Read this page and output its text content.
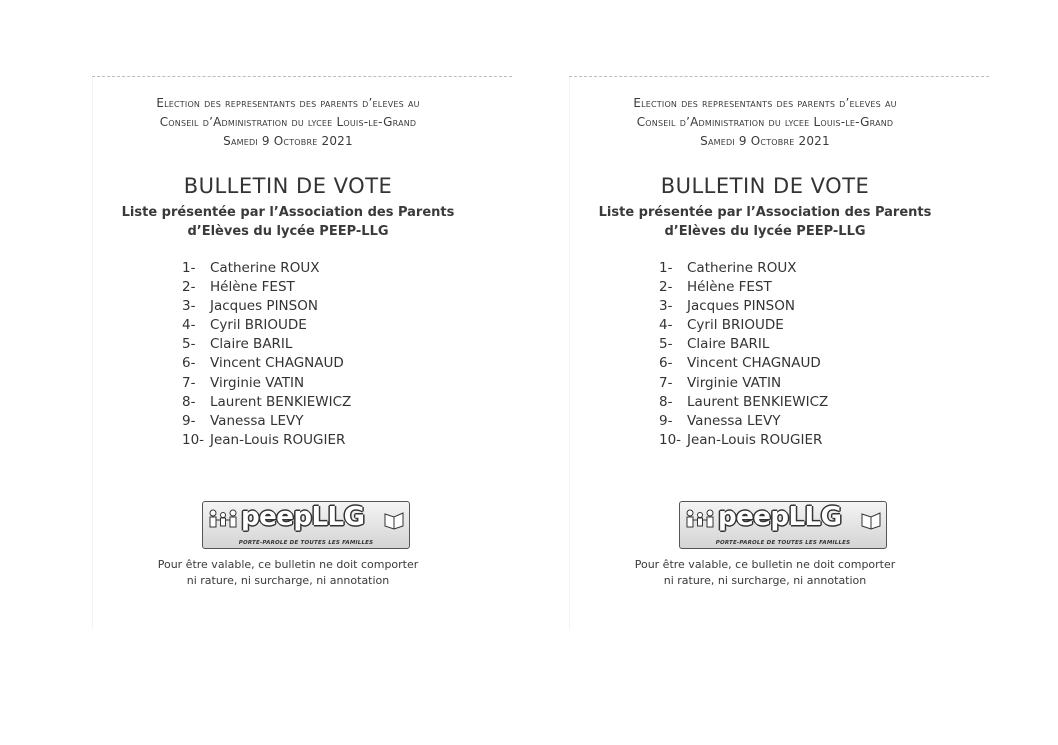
Election des representants des parents d’eleves au
Conseil d’Administration du lycee Louis-le-Grand
Samedi 9 Octobre 2021
BULLETIN DE VOTE
Liste présentée par l’Association des Parents
d’Elèves du lycée PEEP-LLG
1- Catherine ROUX
2- Hélène FEST
3- Jacques PINSON
4- Cyril BRIOUDE
5- Claire BARIL
6- Vincent CHAGNAUD
7- Virginie VATIN
8- Laurent BENKIEWICZ
9- Vanessa LEVY
10- Jean-Louis ROUGIER
peepLLG
PORTE-PAROLE DE TOUTES LES FAMILLES
Pour être valable, ce bulletin ne doit comporter
ni rature, ni surcharge, ni annotation
Election des representants des parents d’eleves au
Conseil d’Administration du lycee Louis-le-Grand
Samedi 9 Octobre 2021
BULLETIN DE VOTE
Liste présentée par l’Association des Parents
d’Elèves du lycée PEEP-LLG
1- Catherine ROUX
2- Hélène FEST
3- Jacques PINSON
4- Cyril BRIOUDE
5- Claire BARIL
6- Vincent CHAGNAUD
7- Virginie VATIN
8- Laurent BENKIEWICZ
9- Vanessa LEVY
10- Jean-Louis ROUGIER
peepLLG
PORTE-PAROLE DE TOUTES LES FAMILLES
Pour être valable, ce bulletin ne doit comporter
ni rature, ni surcharge, ni annotation
